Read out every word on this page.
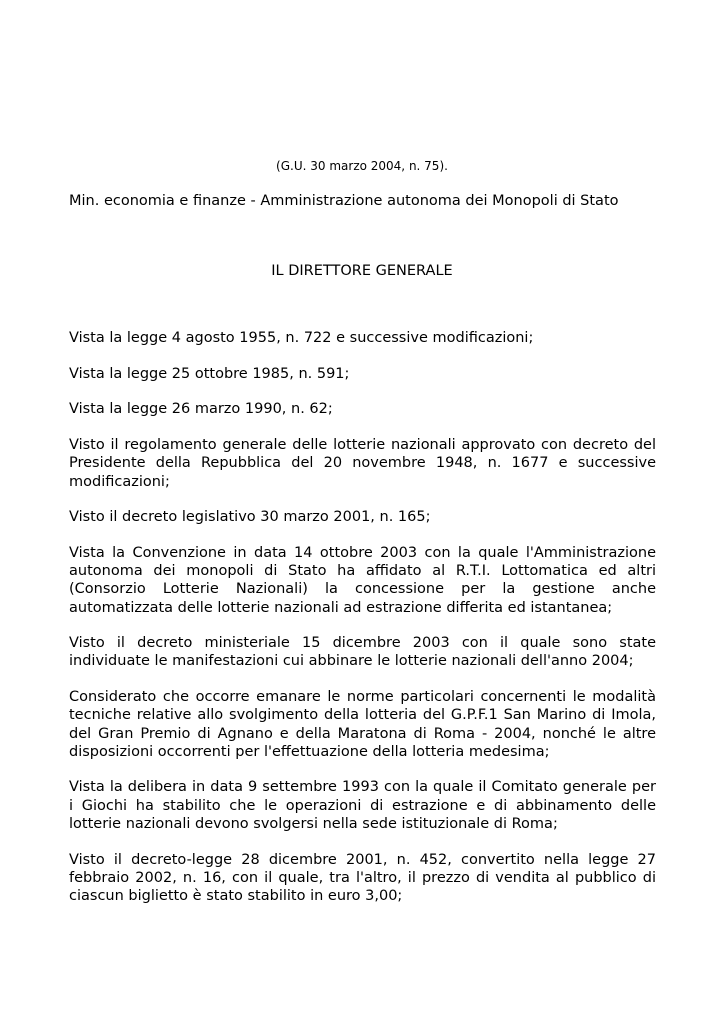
(G.U. 30 marzo 2004, n. 75).
Min. economia e finanze - Amministrazione autonoma dei Monopoli di Stato
IL DIRETTORE GENERALE

Vista la legge 4 agosto 1955, n. 722 e successive modificazioni;

Vista la legge 25 ottobre 1985, n. 591;

Vista la legge 26 marzo 1990, n. 62;

Visto il regolamento generale delle lotterie nazionali approvato con decreto del Presidente della Repubblica del 20 novembre 1948, n. 1677 e successive modificazioni;

Visto il decreto legislativo 30 marzo 2001, n. 165;

Vista la Convenzione in data 14 ottobre 2003 con la quale l'Amministrazione autonoma dei monopoli di Stato ha affidato al R.T.I. Lottomatica ed altri (Consorzio Lotterie Nazionali) la concessione per la gestione anche automatizzata delle lotterie nazionali ad estrazione differita ed istantanea;

Visto il decreto ministeriale 15 dicembre 2003 con il quale sono state individuate le manifestazioni cui abbinare le lotterie nazionali dell'anno 2004;

Considerato che occorre emanare le norme particolari concernenti le modalità tecniche relative allo svolgimento della lotteria del G.P.F.1 San Marino di Imola, del Gran Premio di Agnano e della Maratona di Roma - 2004, nonché le altre disposizioni occorrenti per l'effettuazione della lotteria medesima;

Vista la delibera in data 9 settembre 1993 con la quale il Comitato generale per i Giochi ha stabilito che le operazioni di estrazione e di abbinamento delle lotterie nazionali devono svolgersi nella sede istituzionale di Roma;

Visto il decreto-legge 28 dicembre 2001, n. 452, convertito nella legge 27 febbraio 2002, n. 16, con il quale, tra l'altro, il prezzo di vendita al pubblico di ciascun biglietto è stato stabilito in euro 3,00;
